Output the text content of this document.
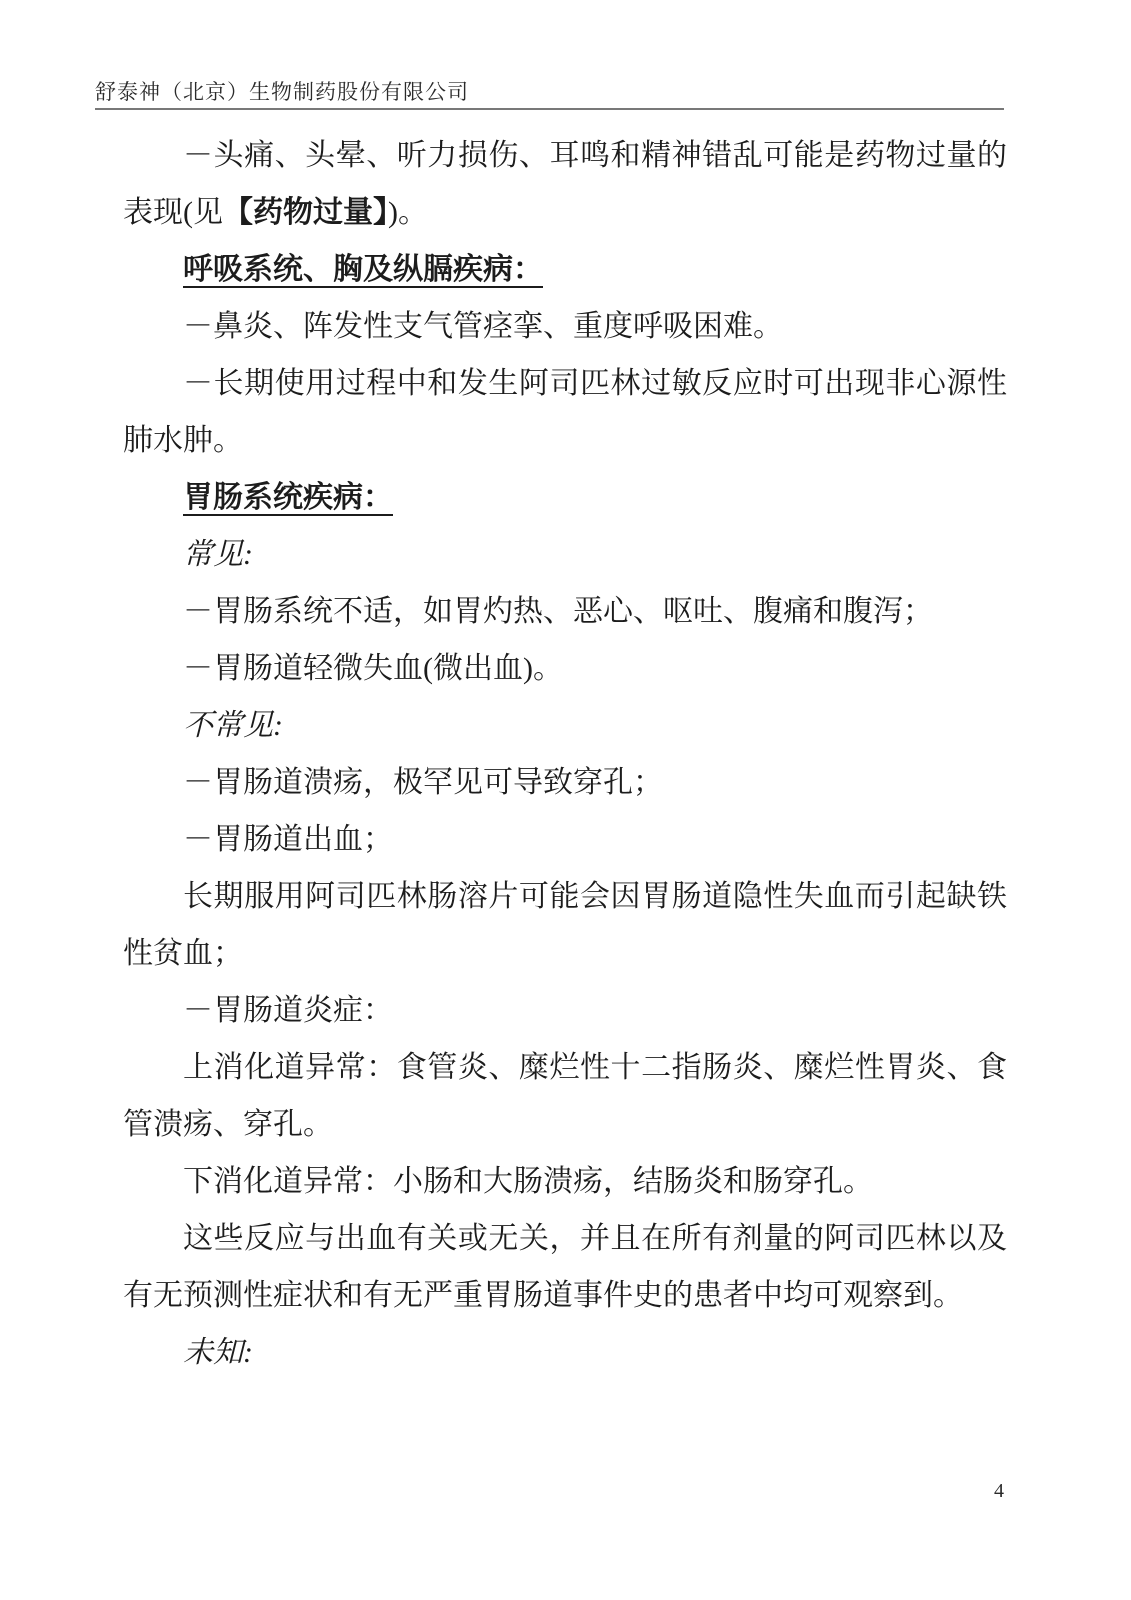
舒泰神（北京）生物制药股份有限公司

－头痛、头晕、听力损伤、耳鸣和精神错乱可能是药物过量的表现(见【药物过量】)。

呼吸系统、胸及纵膈疾病：

－鼻炎、阵发性支气管痉挛、重度呼吸困难。

－长期使用过程中和发生阿司匹林过敏反应时可出现非心源性肺水肿。

胃肠系统疾病：

常见:

－胃肠系统不适，如胃灼热、恶心、呕吐、腹痛和腹泻；

－胃肠道轻微失血(微出血)。

不常见:

－胃肠道溃疡，极罕见可导致穿孔；

－胃肠道出血；

长期服用阿司匹林肠溶片可能会因胃肠道隐性失血而引起缺铁性贫血；

－胃肠道炎症：

上消化道异常：食管炎、糜烂性十二指肠炎、糜烂性胃炎、食管溃疡、穿孔。

下消化道异常：小肠和大肠溃疡，结肠炎和肠穿孔。

这些反应与出血有关或无关，并且在所有剂量的阿司匹林以及有无预测性症状和有无严重胃肠道事件史的患者中均可观察到。

未知:

4
